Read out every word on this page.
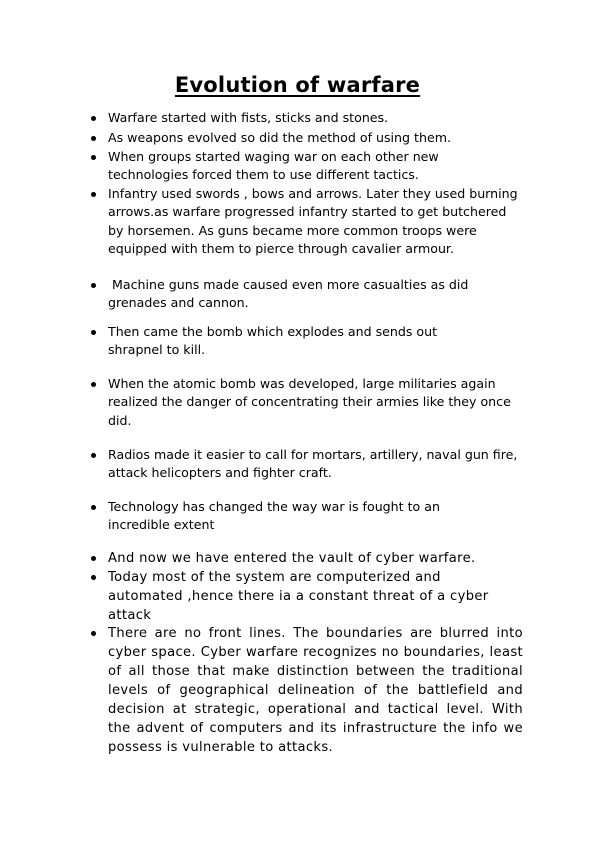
Evolution of warfare
Warfare started with fists, sticks and stones.
As weapons evolved so did the method of using them.
When groups started waging war on each other new technologies forced them to use different tactics.
Infantry used swords , bows and arrows. Later they used burning arrows.as warfare progressed infantry started to get butchered by horsemen. As guns became more common troops were equipped with them to pierce through cavalier armour.
Machine guns made caused even more casualties as did grenades and cannon.
Then came the bomb which explodes and sends out shrapnel to kill.
When the atomic bomb was developed, large militaries again realized the danger of concentrating their armies like they once did.
Radios made it easier to call for mortars, artillery, naval gun fire, attack helicopters and fighter craft.
Technology has changed the way war is fought to an incredible extent
And now we have entered the vault of cyber warfare.
Today most of the system are computerized and automated ,hence there ia a constant threat of a cyber attack
There are no front lines. The boundaries are blurred into cyber space. Cyber warfare recognizes no boundaries, least of all those that make distinction between the traditional levels of geographical delineation of the battlefield and decision at strategic, operational and tactical level. With the advent of computers and its infrastructure the info we possess is vulnerable to attacks.
